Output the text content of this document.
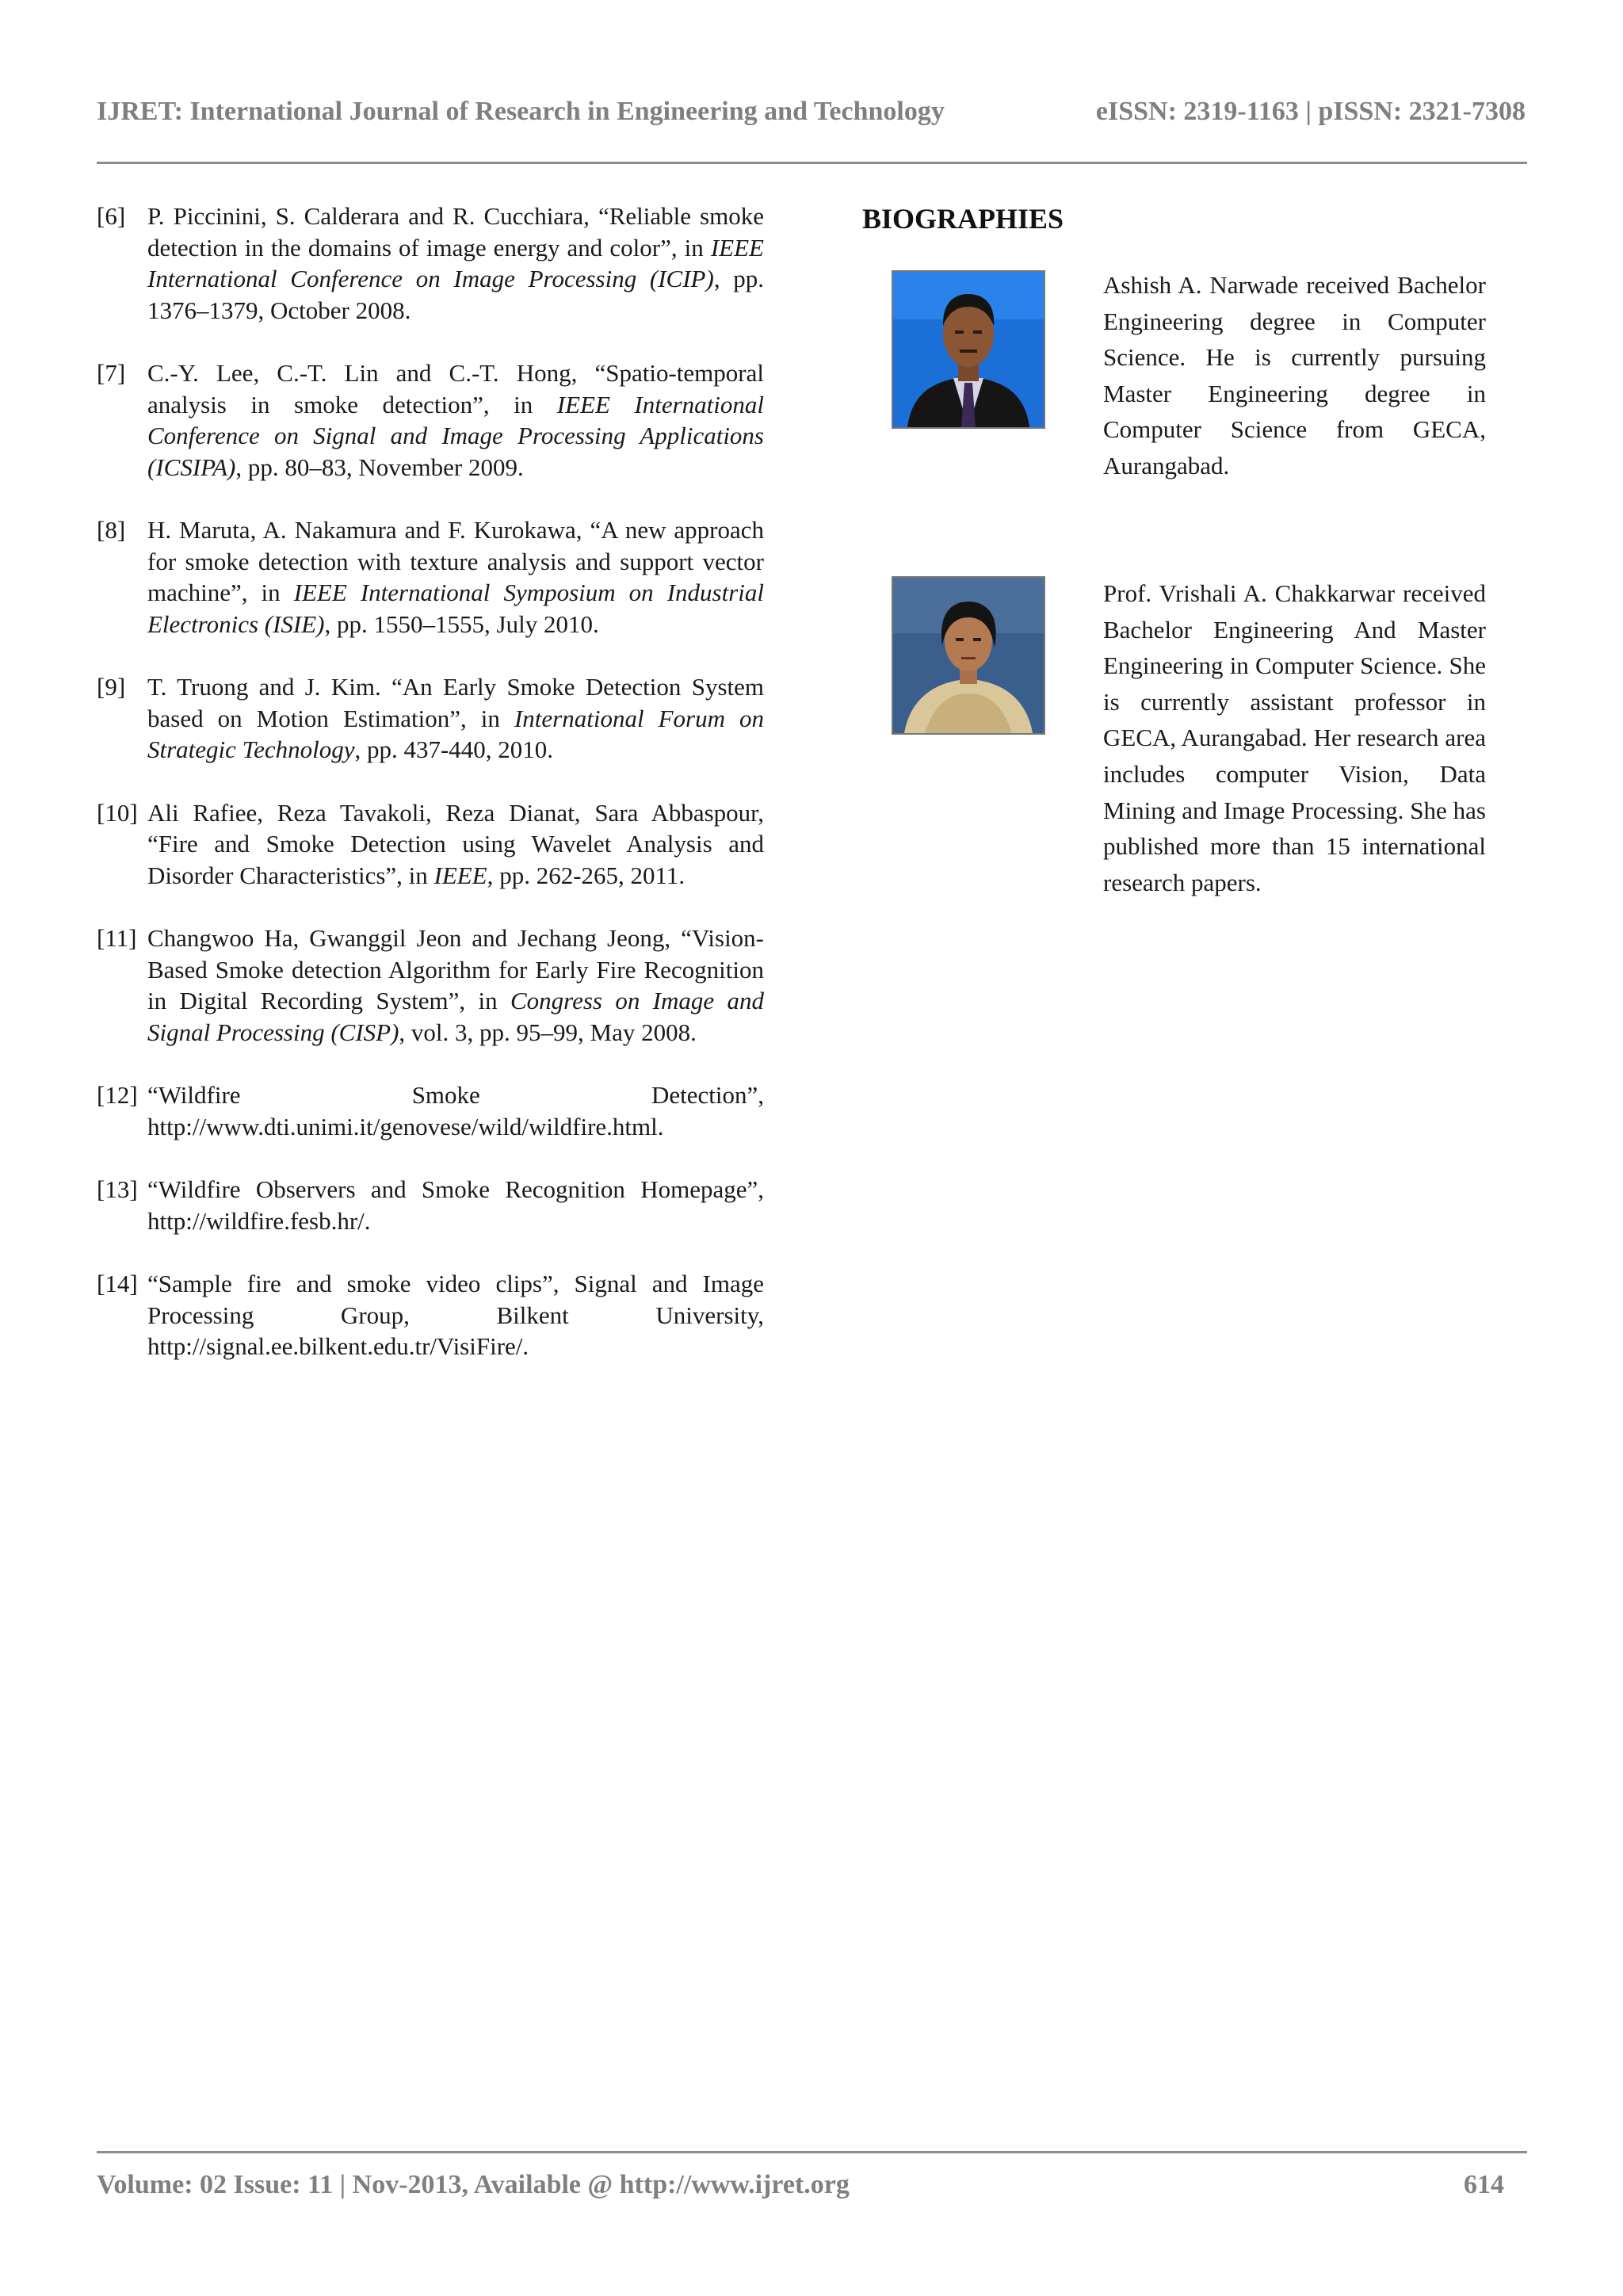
IJRET: International Journal of Research in Engineering and Technology	eISSN: 2319-1163 | pISSN: 2321-7308
[6] P. Piccinini, S. Calderara and R. Cucchiara, “Reliable smoke detection in the domains of image energy and color”, in IEEE International Conference on Image Processing (ICIP), pp. 1376–1379, October 2008.
[7] C.-Y. Lee, C.-T. Lin and C.-T. Hong, “Spatio-temporal analysis in smoke detection”, in IEEE International Conference on Signal and Image Processing Applications (ICSIPA), pp. 80–83, November 2009.
[8] H. Maruta, A. Nakamura and F. Kurokawa, “A new approach for smoke detection with texture analysis and support vector machine”, in IEEE International Symposium on Industrial Electronics (ISIE), pp. 1550–1555, July 2010.
[9] T. Truong and J. Kim. “An Early Smoke Detection System based on Motion Estimation”, in International Forum on Strategic Technology, pp. 437-440, 2010.
[10] Ali Rafiee, Reza Tavakoli, Reza Dianat, Sara Abbaspour, “Fire and Smoke Detection using Wavelet Analysis and Disorder Characteristics”, in IEEE, pp. 262-265, 2011.
[11] Changwoo Ha, Gwanggil Jeon and Jechang Jeong, “Vision-Based Smoke detection Algorithm for Early Fire Recognition in Digital Recording System”, in Congress on Image and Signal Processing (CISP), vol. 3, pp. 95–99, May 2008.
[12] “Wildfire Smoke Detection”, http://www.dti.unimi.it/genovese/wild/wildfire.html.
[13] “Wildfire Observers and Smoke Recognition Homepage”, http://wildfire.fesb.hr/.
[14] “Sample fire and smoke video clips”, Signal and Image Processing Group, Bilkent University, http://signal.ee.bilkent.edu.tr/VisiFire/.
BIOGRAPHIES
Ashish A. Narwade received Bachelor Engineering degree in Computer Science. He is currently pursuing Master Engineering degree in Computer Science from GECA, Aurangabad.
Prof. Vrishali A. Chakkarwar received Bachelor Engineering And Master Engineering in Computer Science. She is currently assistant professor in GECA, Aurangabad. Her research area includes computer Vision, Data Mining and Image Processing. She has published more than 15 international research papers.
Volume: 02 Issue: 11 | Nov-2013, Available @ http://www.ijret.org	614
